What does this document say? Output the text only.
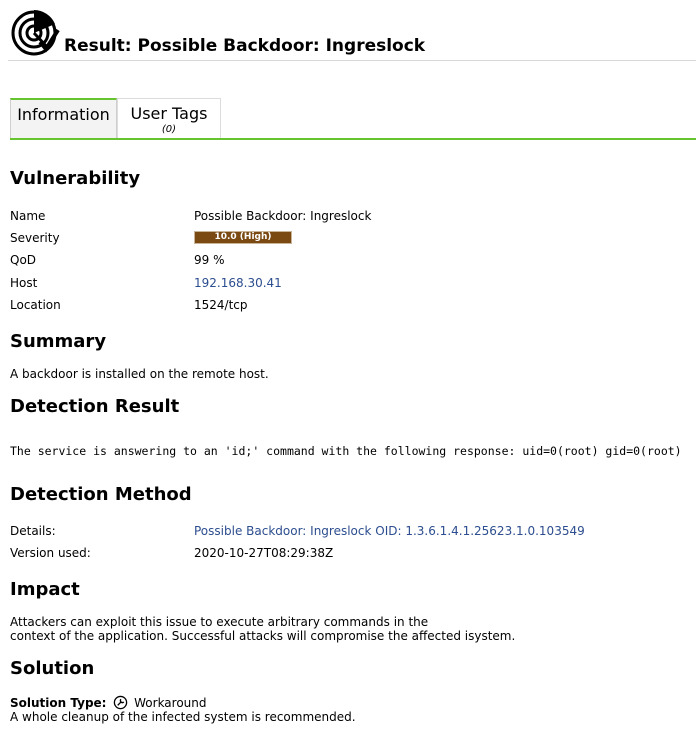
Result: Possible Backdoor: Ingreslock
Information	User Tags
(0)
Vulnerability
Name	Possible Backdoor: Ingreslock
Severity	10.0 (High)
QoD	99 %
Host	192.168.30.41
Location	1524/tcp
Summary
A backdoor is installed on the remote host.
Detection Result
The service is answering to an 'id;' command with the following response: uid=0(root) gid=0(root)
Detection Method
Details:	Possible Backdoor: Ingreslock OID: 1.3.6.1.4.1.25623.1.0.103549
Version used:	2020-10-27T08:29:38Z
Impact
Attackers can exploit this issue to execute arbitrary commands in the
context of the application. Successful attacks will compromise the affected isystem.
Solution
Solution Type: Workaround
A whole cleanup of the infected system is recommended.
